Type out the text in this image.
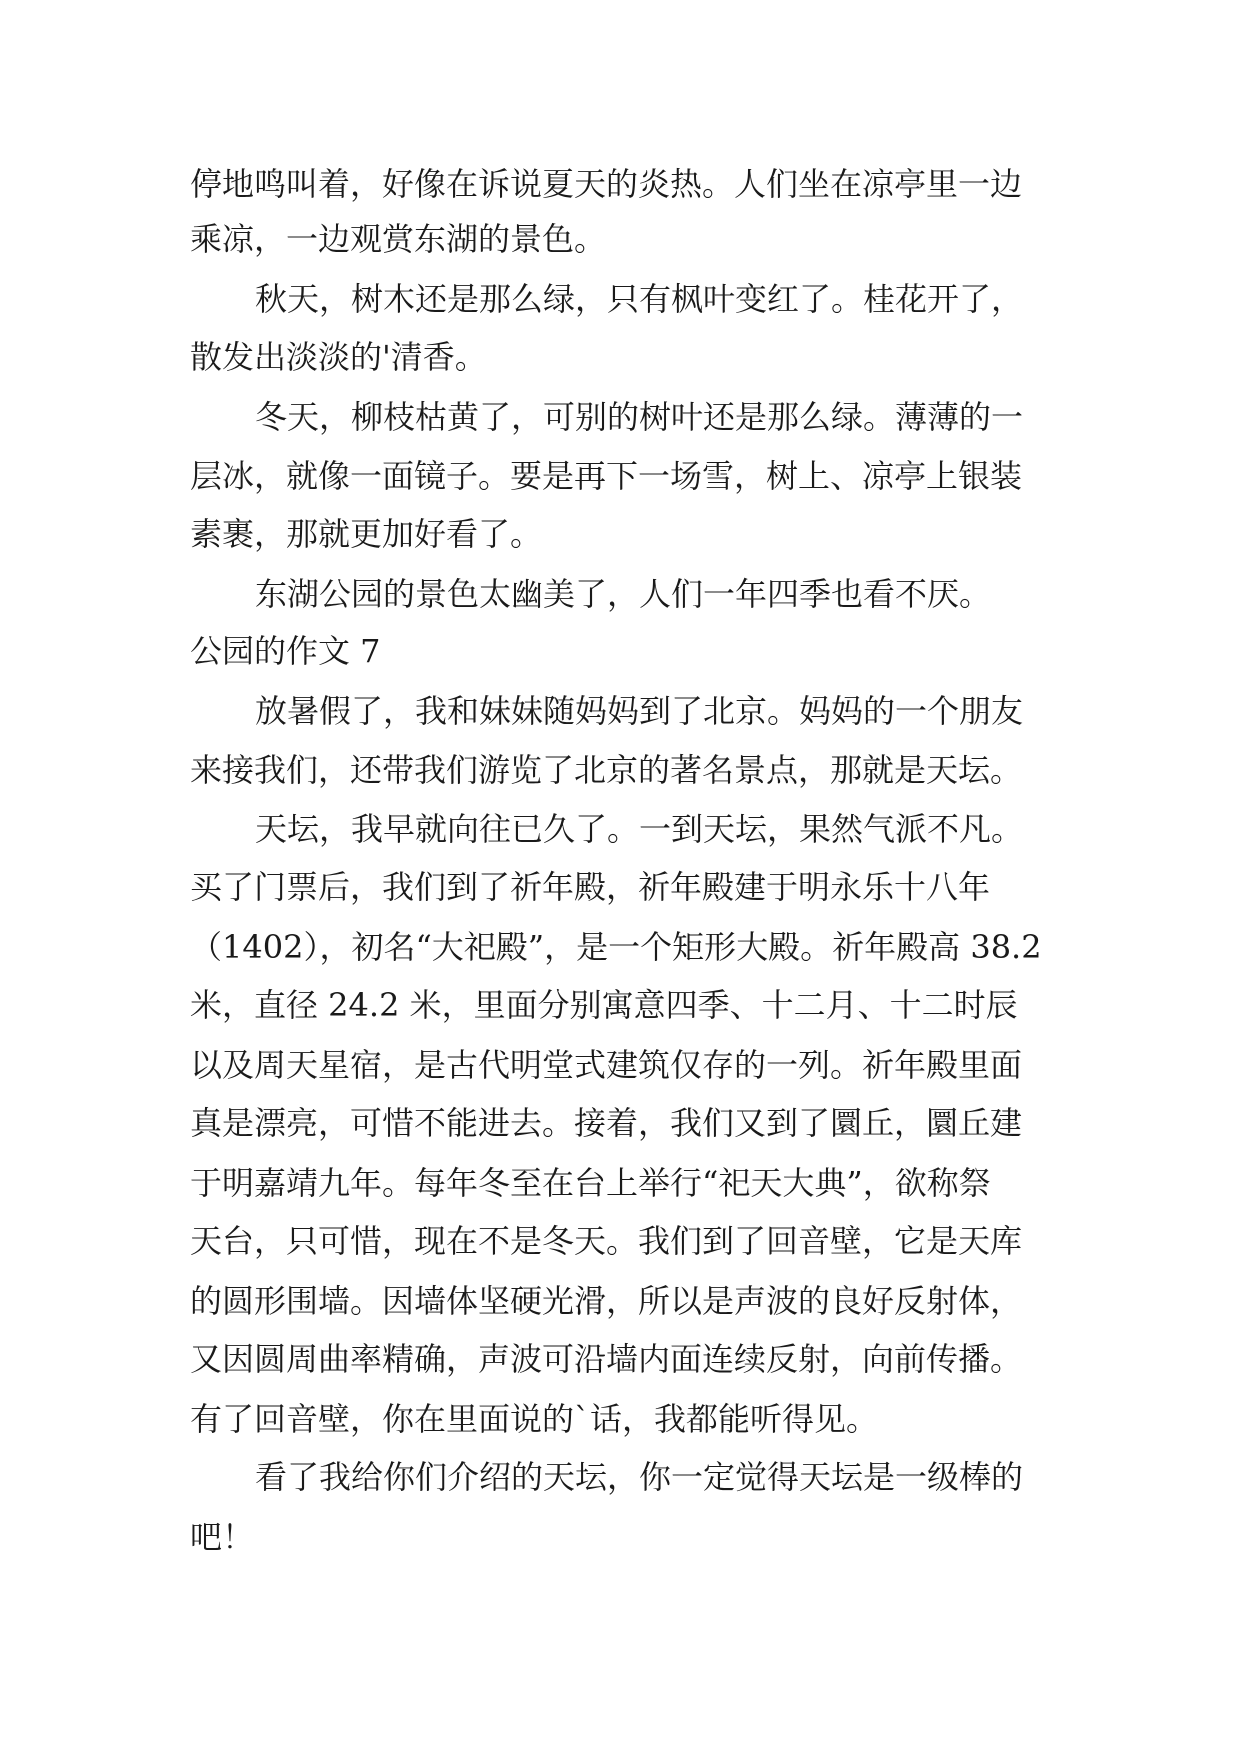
停地鸣叫着，好像在诉说夏天的炎热。人们坐在凉亭里一边
乘凉，一边观赏东湖的景色。
秋天，树木还是那么绿，只有枫叶变红了。桂花开了，
散发出淡淡的'清香。
冬天，柳枝枯黄了，可别的树叶还是那么绿。薄薄的一
层冰，就像一面镜子。要是再下一场雪，树上、凉亭上银装
素裹，那就更加好看了。
东湖公园的景色太幽美了，人们一年四季也看不厌。
公园的作文 7
放暑假了，我和妹妹随妈妈到了北京。妈妈的一个朋友
来接我们，还带我们游览了北京的著名景点，那就是天坛。
天坛，我早就向往已久了。一到天坛，果然气派不凡。
买了门票后，我们到了祈年殿，祈年殿建于明永乐十八年
（1402），初名“大祀殿”，是一个矩形大殿。祈年殿高 38.2
米，直径 24.2 米，里面分别寓意四季、十二月、十二时辰
以及周天星宿，是古代明堂式建筑仅存的一列。祈年殿里面
真是漂亮，可惜不能进去。接着，我们又到了圜丘，圜丘建
于明嘉靖九年。每年冬至在台上举行“祀天大典”，欲称祭
天台，只可惜，现在不是冬天。我们到了回音壁，它是天库
的圆形围墙。因墙体坚硬光滑，所以是声波的良好反射体，
又因圆周曲率精确，声波可沿墙内面连续反射，向前传播。
有了回音壁，你在里面说的`话，我都能听得见。
看了我给你们介绍的天坛，你一定觉得天坛是一级棒的
吧！
